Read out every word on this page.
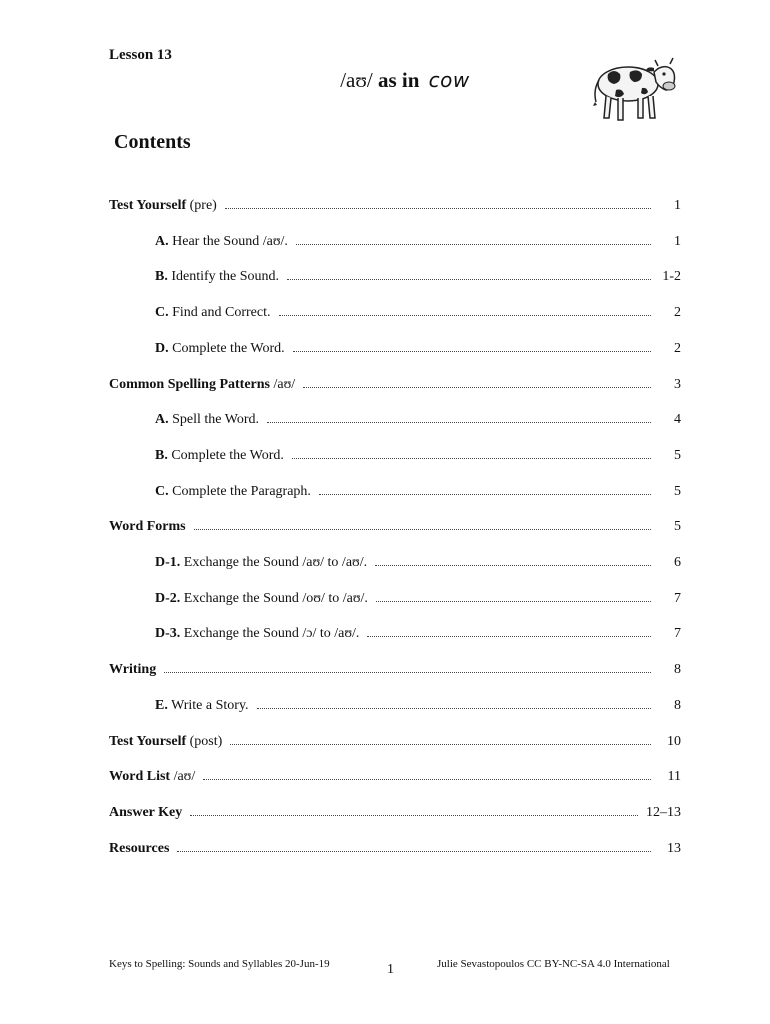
Lesson 13
/aʊ/ as in cow
Contents
Test Yourself (pre)	1
A. Hear the Sound /aʊ/.	1
B. Identify the Sound.	1-2
C. Find and Correct.	2
D. Complete the Word.	2
Common Spelling Patterns /aʊ/	3
A. Spell the Word.	4
B. Complete the Word.	5
C. Complete the Paragraph.	5
Word Forms	5
D-1. Exchange the Sound /aʊ/ to /aʊ/.	6
D-2. Exchange the Sound /oʊ/ to /aʊ/.	7
D-3. Exchange the Sound /ɔ/ to /aʊ/.	7
Writing	8
E. Write a Story.	8
Test Yourself (post)	10
Word List /aʊ/	11
Answer Key	12–13
Resources	13
Keys to Spelling: Sounds and Syllables 20-Jun-19	1	Julie Sevastopoulos CC BY-NC-SA 4.0 International
